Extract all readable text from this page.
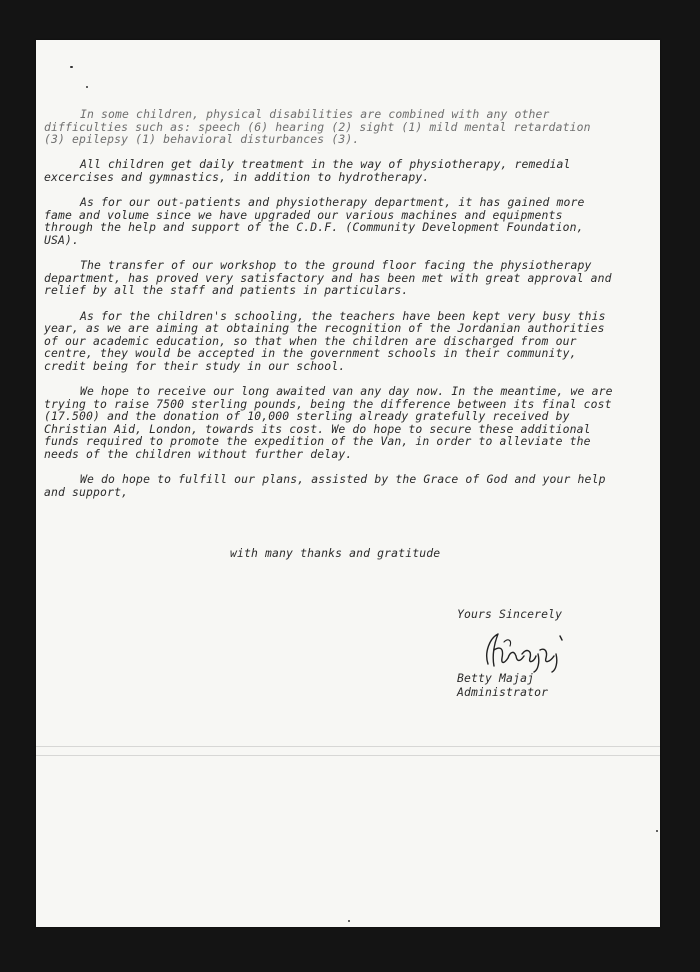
In some children, physical disabilities are combined with any other difficulties such as: speech (6) hearing (2) sight (1) mild mental retardation (3) epilepsy (1) behavioral disturbances (3).

All children get daily treatment in the way of physiotherapy, remedial excercises and gymnastics, in addition to hydrotherapy.

As for our out-patients and physiotherapy department, it has gained more fame and volume since we have upgraded our various machines and equipments through the help and support of the C.D.F. (Community Development Foundation, USA).

The transfer of our workshop to the ground floor facing the physiotherapy department, has proved very satisfactory and has been met with great approval and relief by all the staff and patients in particulars.

As for the children's schooling, the teachers have been kept very busy this year, as we are aiming at obtaining the recognition of the Jordanian authorities of our academic education, so that when the children are discharged from our centre, they would be accepted in the government schools in their community, credit being for their study in our school.

We hope to receive our long awaited van any day now. In the meantime, we are trying to raise 7500 sterling pounds, being the difference between its final cost (17.500) and the donation of 10,000 sterling already gratefully received by Christian Aid, London, towards its cost. We do hope to secure these additional funds required to promote the expedition of the Van, in order to alleviate the needs of the children without further delay.

We do hope to fulfill our plans, assisted by the Grace of God and your help and support,

with many thanks and gratitude
Yours Sincerely
Betty Majaj
Administrator
